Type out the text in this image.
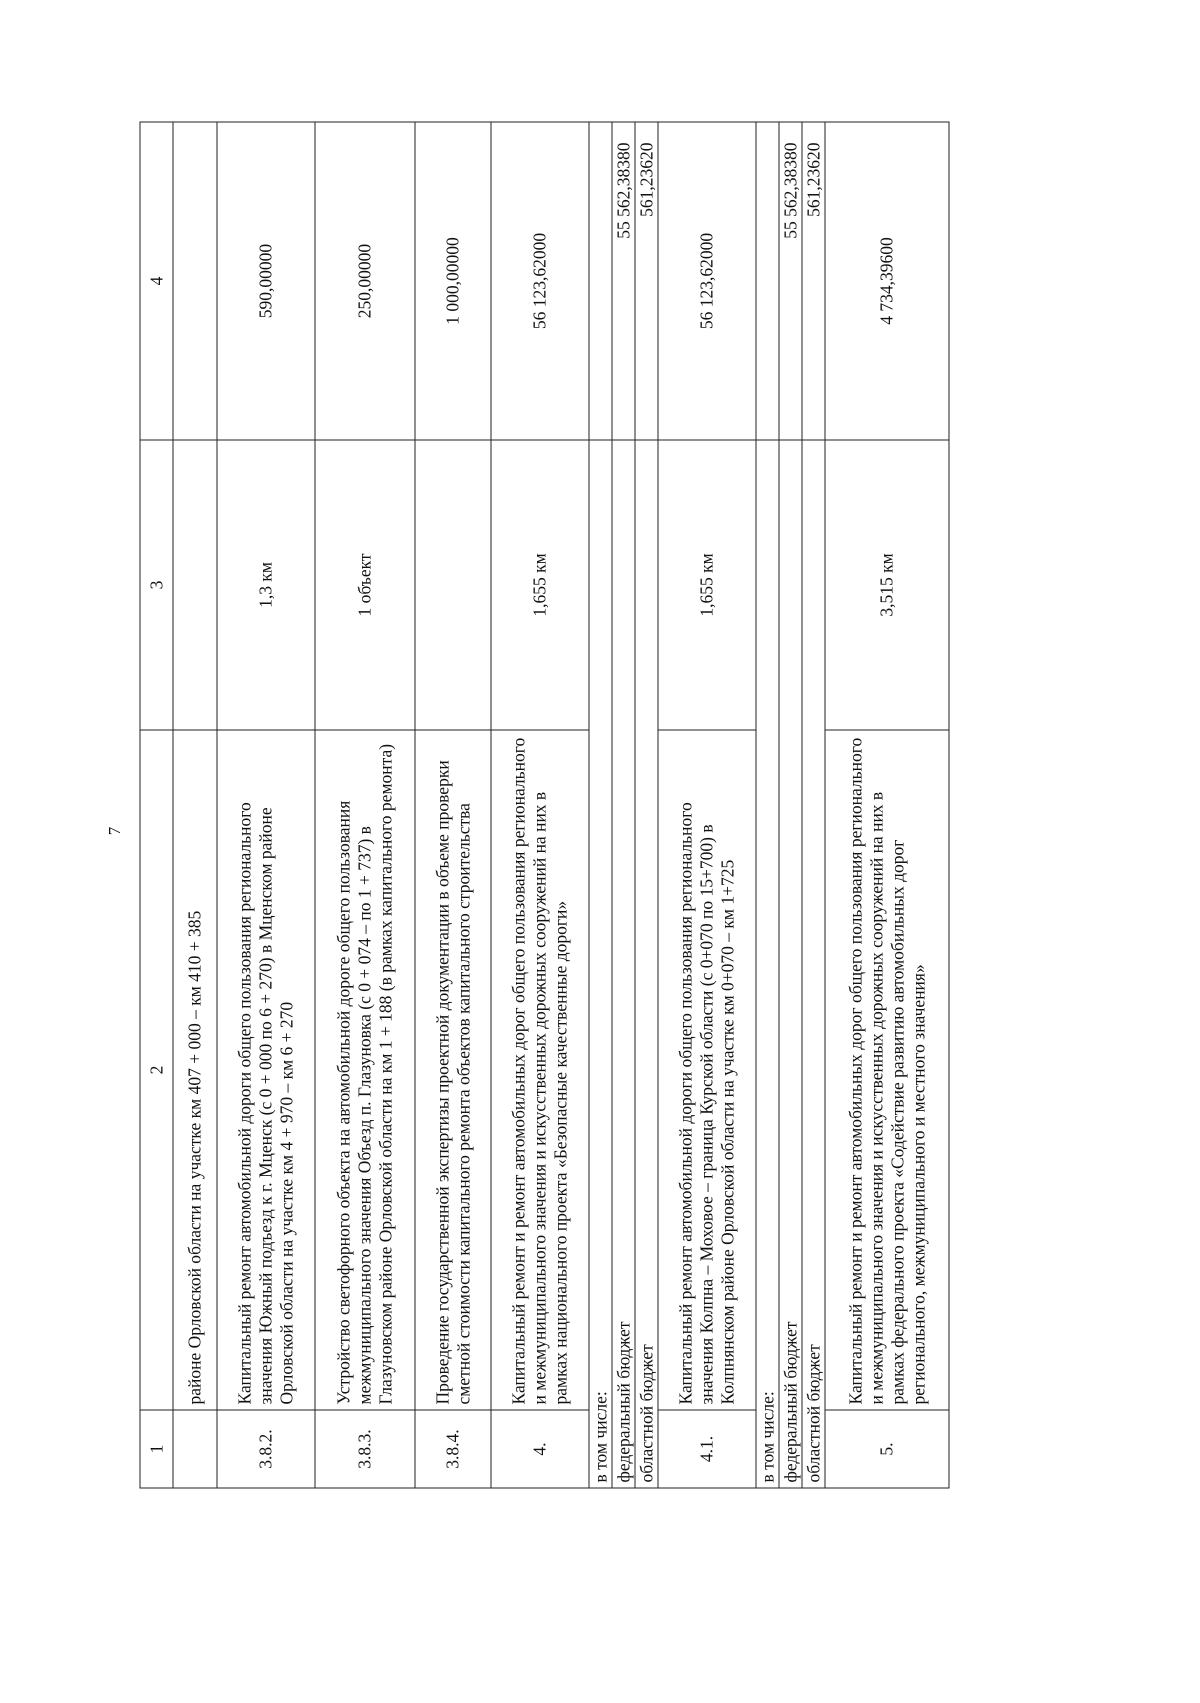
7
1	2	3	4
	районе Орловской области на участке км 407 + 000 – км 410 + 385		
3.8.2.	Капитальный ремонт автомобильной дороги общего пользования регионального значения Южный подъезд к г. Мценск (с 0 + 000 по 6 + 270) в Мценском районе Орловской области на участке км 4 + 970 – км 6 + 270	1,3 км	590,00000
3.8.3.	Устройство светофорного объекта на автомобильной дороге общего пользования межмуниципального значения Объезд п. Глазуновка (с 0 + 074 – по 1 + 737) в Глазуновском районе Орловской области на км 1 + 188 (в рамках капитального ремонта)	1 объект	250,00000
3.8.4.	Проведение государственной экспертизы проектной документации в объеме проверки сметной стоимости капитального ремонта объектов капитального строительства		1 000,00000
4.	Капитальный ремонт и ремонт автомобильных дорог общего пользования регионального и межмуниципального значения и искусственных дорожных сооружений на них в рамках национального проекта «Безопасные качественные дороги»	1,655 км	56 123,62000
в том числе:			
федеральный бюджет			55 562,38380
областной бюджет			561,23620
4.1.	Капитальный ремонт автомобильной дороги общего пользования регионального значения Колпна – Моховое – граница Курской области (с 0+070 по 15+700) в Колпнянском районе Орловской области на участке км 0+070 – км 1+725	1,655 км	56 123,62000
в том числе:			
федеральный бюджет			55 562,38380
областной бюджет			561,23620
5.	Капитальный ремонт и ремонт автомобильных дорог общего пользования регионального и межмуниципального значения и искусственных дорожных сооружений на них в рамках федерального проекта «Содействие развитию автомобильных дорог регионального, межмуниципального и местного значения»	3,515 км	4 734,39600
